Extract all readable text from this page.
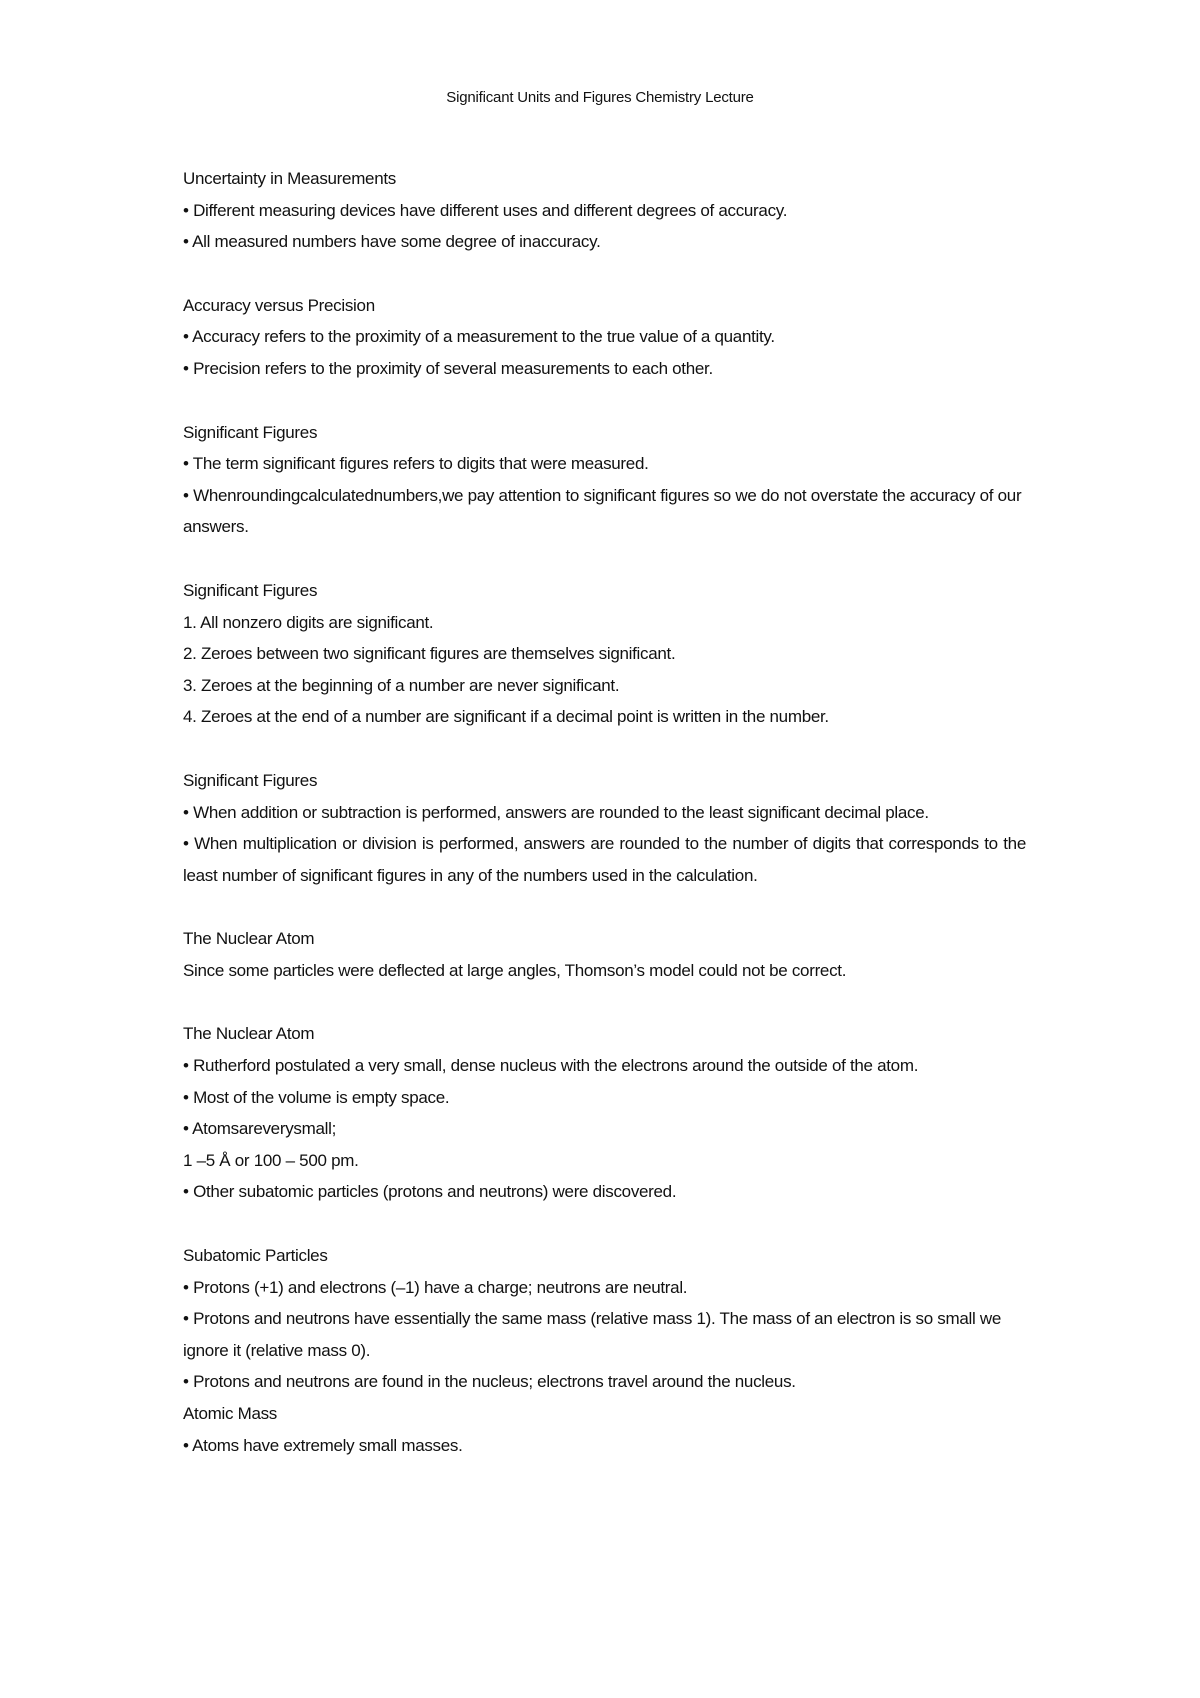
Significant Units and Figures Chemistry Lecture
Uncertainty in Measurements
• Different measuring devices have different uses and different degrees of accuracy.
• All measured numbers have some degree of inaccuracy.
Accuracy versus Precision
• Accuracy refers to the proximity of a measurement to the true value of a quantity.
• Precision refers to the proximity of several measurements to each other.
Significant Figures
• The term significant figures refers to digits that were measured.
• Whenroundingcalculatednumbers,we pay attention to significant figures so we do not overstate the accuracy of our answers.
Significant Figures
1. All nonzero digits are significant.
2. Zeroes between two significant figures are themselves significant.
3. Zeroes at the beginning of a number are never significant.
4. Zeroes at the end of a number are significant if a decimal point is written in the number.
Significant Figures
• When addition or subtraction is performed, answers are rounded to the least significant decimal place.
• When multiplication or division is performed, answers are rounded to the number of digits that corresponds to the least number of significant figures in any of the numbers used in the calculation.
The Nuclear Atom
Since some particles were deflected at large angles, Thomson’s model could not be correct.
The Nuclear Atom
• Rutherford postulated a very small, dense nucleus with the electrons around the outside of the atom.
• Most of the volume is empty space.
• Atomsareverysmall;
1 –5 Å or 100 – 500 pm.
• Other subatomic particles (protons and neutrons) were discovered.
Subatomic Particles
• Protons (+1) and electrons (–1) have a charge; neutrons are neutral.
• Protons and neutrons have essentially the same mass (relative mass 1). The mass of an electron is so small we ignore it (relative mass 0).
• Protons and neutrons are found in the nucleus; electrons travel around the nucleus.
Atomic Mass
• Atoms have extremely small masses.
